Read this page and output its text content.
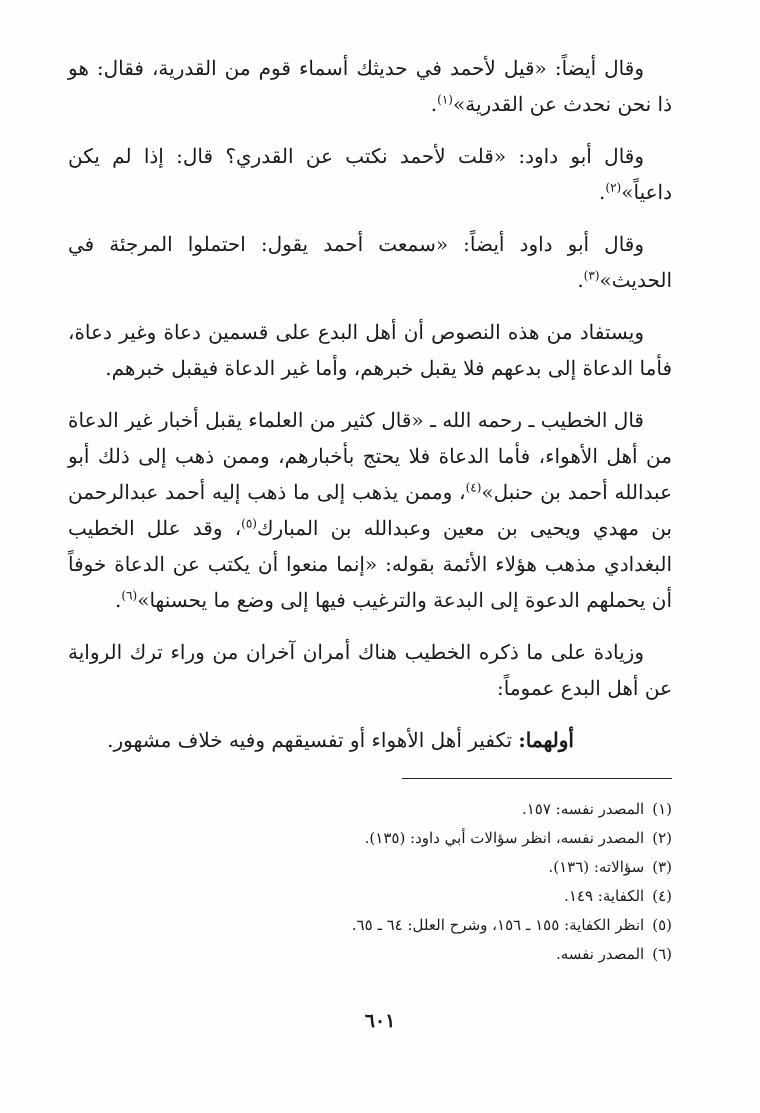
وقال أيضاً: «قيل لأحمد في حديثك أسماء قوم من القدرية، فقال: هو ذا نحن نحدث عن القدرية»$^{(١)}$.

وقال أبو داود: «قلت لأحمد نكتب عن القدري؟ قال: إذا لم يكن داعياً»$^{(٢)}$.

وقال أبو داود أيضاً: «سمعت أحمد يقول: احتملوا المرجئة في الحديث»$^{(٣)}$.

ويستفاد من هذه النصوص أن أهل البدع على قسمين دعاة وغير دعاة، فأما الدعاة إلى بدعهم فلا يقبل خبرهم، وأما غير الدعاة فيقبل خبرهم.

قال الخطيب ـ رحمه الله ـ «قال كثير من العلماء يقبل أخبار غير الدعاة من أهل الأهواء، فأما الدعاة فلا يحتج بأخبارهم، وممن ذهب إلى ذلك أبو عبدالله أحمد بن حنبل»$^{(٤)}$، وممن يذهب إلى ما ذهب إليه أحمد عبدالرحمن بن مهدي ويحيى بن معين وعبدالله بن المبارك$^{(٥)}$، وقد علل الخطيب البغدادي مذهب هؤلاء الأئمة بقوله: «إنما منعوا أن يكتب عن الدعاة خوفاً أن يحملهم الدعوة إلى البدعة والترغيب فيها إلى وضع ما يحسنها»$^{(٦)}$.

وزيادة على ما ذكره الخطيب هناك أمران آخران من وراء ترك الرواية عن أهل البدع عموماً:

أولهما: تكفير أهل الأهواء أو تفسيقهم وفيه خلاف مشهور.

(١)المصدر نفسه: ١٥٧.

(٢)المصدر نفسه، انظر سؤالات أبي داود: (١٣٥).

(٣)سؤالاته: (١٣٦).

(٤)الكفاية: ١٤٩.

(٥)انظر الكفاية: ١٥٥ ـ ١٥٦، وشرح العلل: ٦٤ ـ ٦٥.

(٦)المصدر نفسه.

٦٠١
